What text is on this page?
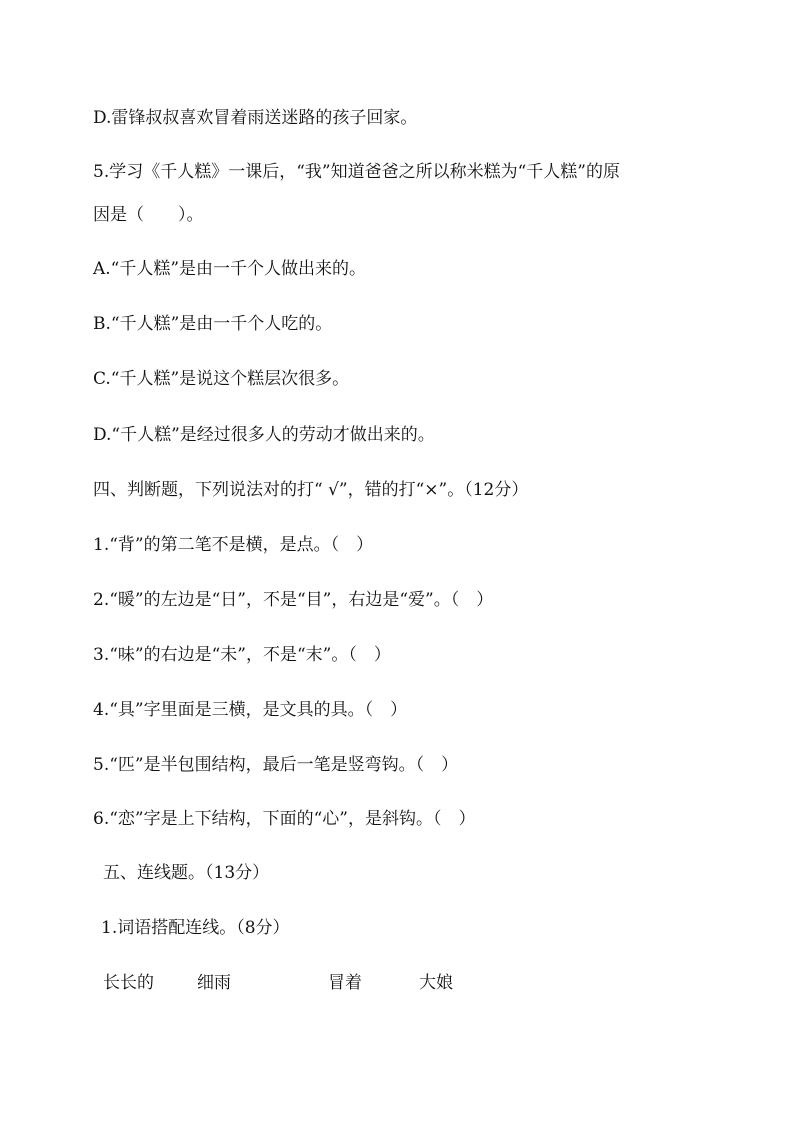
D.雷锋叔叔喜欢冒着雨送迷路的孩子回家。
5.学习《千人糕》一课后，“我”知道爸爸之所以称米糕为“千人糕”的原
因是（　　）。
A.“千人糕”是由一千个人做出来的。
B.“千人糕”是由一千个人吃的。
C.“千人糕”是说这个糕层次很多。
D.“千人糕”是经过很多人的劳动才做出来的。
四、判断题，下列说法对的打“ √”，错的打“×”。（12分）
1.“背”的第二笔不是横，是点。（　）
2.“暖”的左边是“日”，不是“目”，右边是“爱”。（　）
3.“味”的右边是“未”，不是“末”。（　）
4.“具”字里面是三横，是文具的具。（　）
5.“匹”是半包围结构，最后一笔是竖弯钩。（　）
6.“恋”字是上下结构，下面的“心”，是斜钩。（　）
五、连线题。（13分）
1.词语搭配连线。（8分）
长长的	细雨	冒着	大娘
